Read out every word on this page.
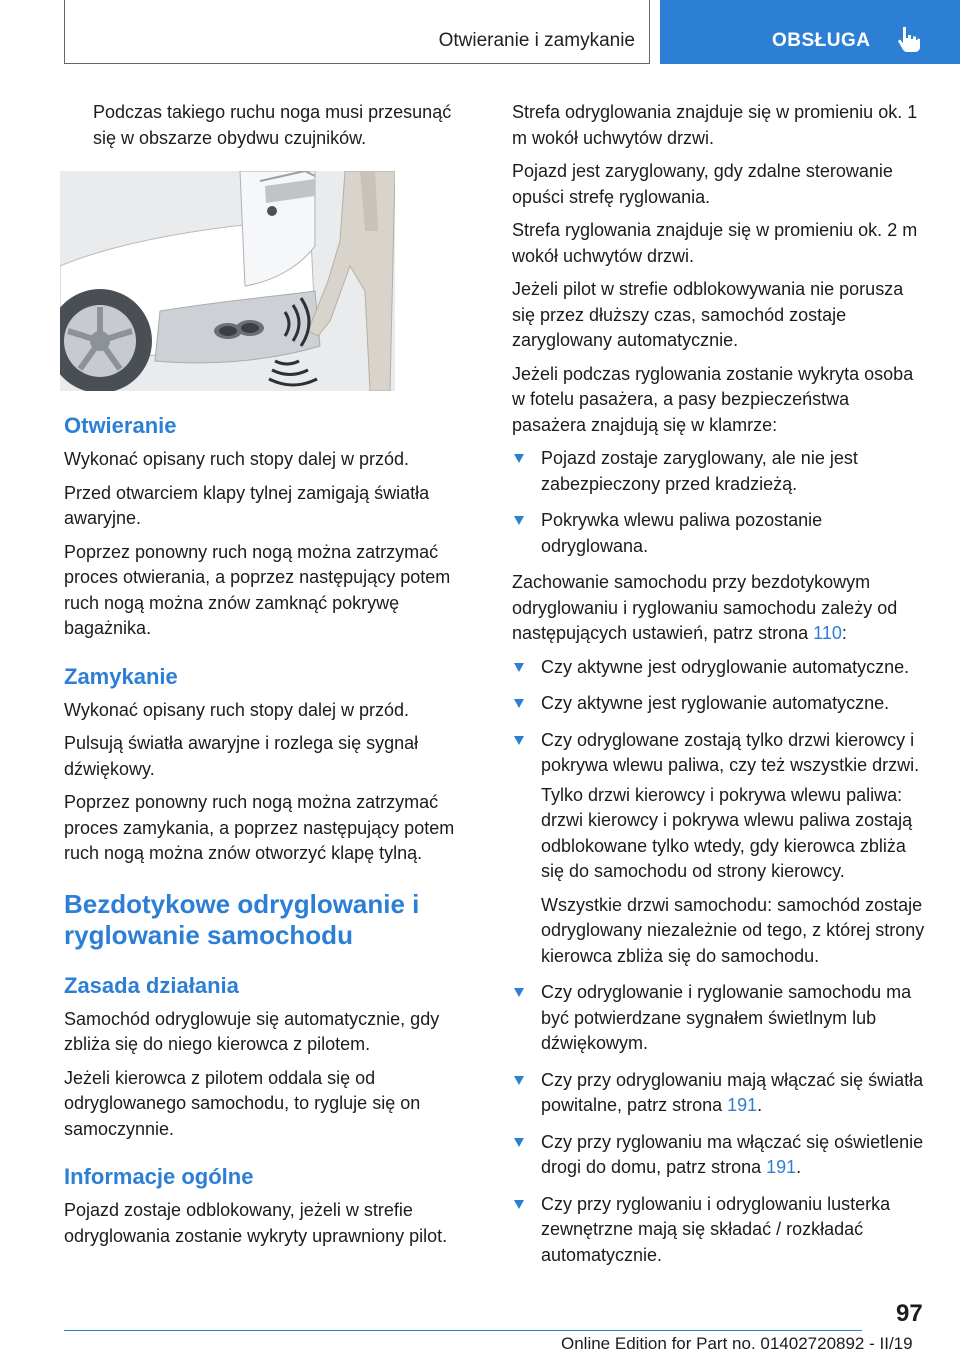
Otwieranie i zamykanie	OBSŁUGA

Podczas takiego ruchu noga musi przesunąć się w obszarze obydwu czujników.

Otwieranie

Wykonać opisany ruch stopy dalej w przód.

Przed otwarciem klapy tylnej zamigają światła awaryjne.

Poprzez ponowny ruch nogą można zatrzymać proces otwierania, a poprzez następujący potem ruch nogą można znów zamknąć pokrywę bagażnika.

Zamykanie

Wykonać opisany ruch stopy dalej w przód.

Pulsują światła awaryjne i rozlega się sygnał dźwiękowy.

Poprzez ponowny ruch nogą można zatrzymać proces zamykania, a poprzez następujący potem ruch nogą można znów otworzyć klapę tylną.

Bezdotykowe odryglowanie i ryglowanie samochodu
Zasada działania

Samochód odryglowuje się automatycznie, gdy zbliża się do niego kierowca z pilotem.

Jeżeli kierowca z pilotem oddala się od odryglowanego samochodu, to rygluje się on samoczynnie.

Informacje ogólne

Pojazd zostaje odblokowany, jeżeli w strefie odryglowania zostanie wykryty uprawniony pilot.

Strefa odryglowania znajduje się w promieniu ok. 1 m wokół uchwytów drzwi.

Pojazd jest zaryglowany, gdy zdalne sterowanie opuści strefę ryglowania.

Strefa ryglowania znajduje się w promieniu ok. 2 m wokół uchwytów drzwi.

Jeżeli pilot w strefie odblokowywania nie porusza się przez dłuższy czas, samochód zostaje zaryglowany automatycznie.

Jeżeli podczas ryglowania zostanie wykryta osoba w fotelu pasażera, a pasy bezpieczeństwa pasażera znajdują się w klamrze:

Pojazd zostaje zaryglowany, ale nie jest zabezpieczony przed kradzieżą.
Pokrywka wlewu paliwa pozostanie odryglowana.

Zachowanie samochodu przy bezdotykowym odryglowaniu i ryglowaniu samochodu zależy od następujących ustawień, patrz strona 110:

Czy aktywne jest odryglowanie automatyczne.
Czy aktywne jest ryglowanie automatyczne.
Czy odryglowane zostają tylko drzwi kierowcy i pokrywa wlewu paliwa, czy też wszystkie drzwi.

Tylko drzwi kierowcy i pokrywa wlewu paliwa: drzwi kierowcy i pokrywa wlewu paliwa zostają odblokowane tylko wtedy, gdy kierowca zbliża się do samochodu od strony kierowcy.

Wszystkie drzwi samochodu: samochód zostaje odryglowany niezależnie od tego, z której strony kierowca zbliża się do samochodu.

Czy odryglowanie i ryglowanie samochodu ma być potwierdzane sygnałem świetlnym lub dźwiękowym.
Czy przy odryglowaniu mają włączać się światła powitalne, patrz strona 191.
Czy przy ryglowaniu ma włączać się oświetlenie drogi do domu, patrz strona 191.
Czy przy ryglowaniu i odryglowaniu lusterka zewnętrzne mają się składać / rozkładać automatycznie.
97
Online Edition for Part no. 01402720892 - II/19
